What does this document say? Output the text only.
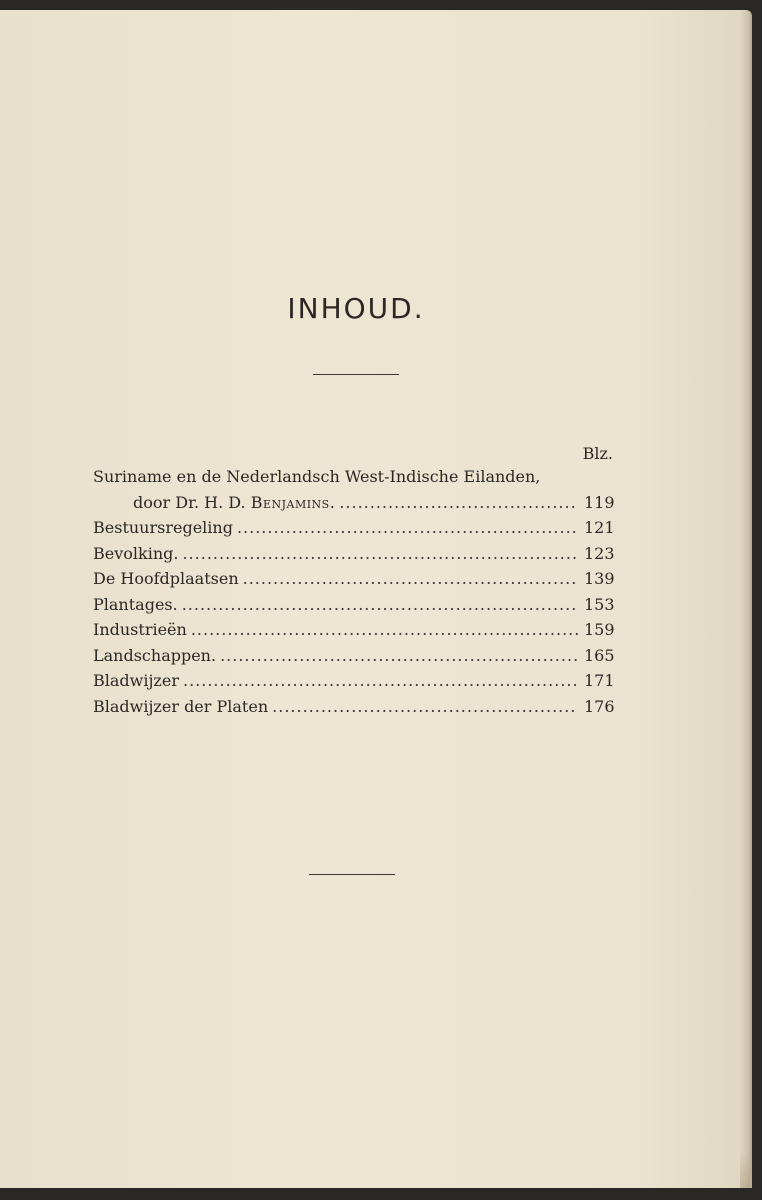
INHOUD.
Blz.
Suriname en de Nederlandsch West-Indische Eilanden,
door Dr. H. D. Benjamins. .....	119
Bestuursregeling .....	121
Bevolking. .....	123
De Hoofdplaatsen .....	139
Plantages. .....	153
Industrieën .....	159
Landschappen. .....	165
Bladwijzer .....	171
Bladwijzer der Platen .....	176
